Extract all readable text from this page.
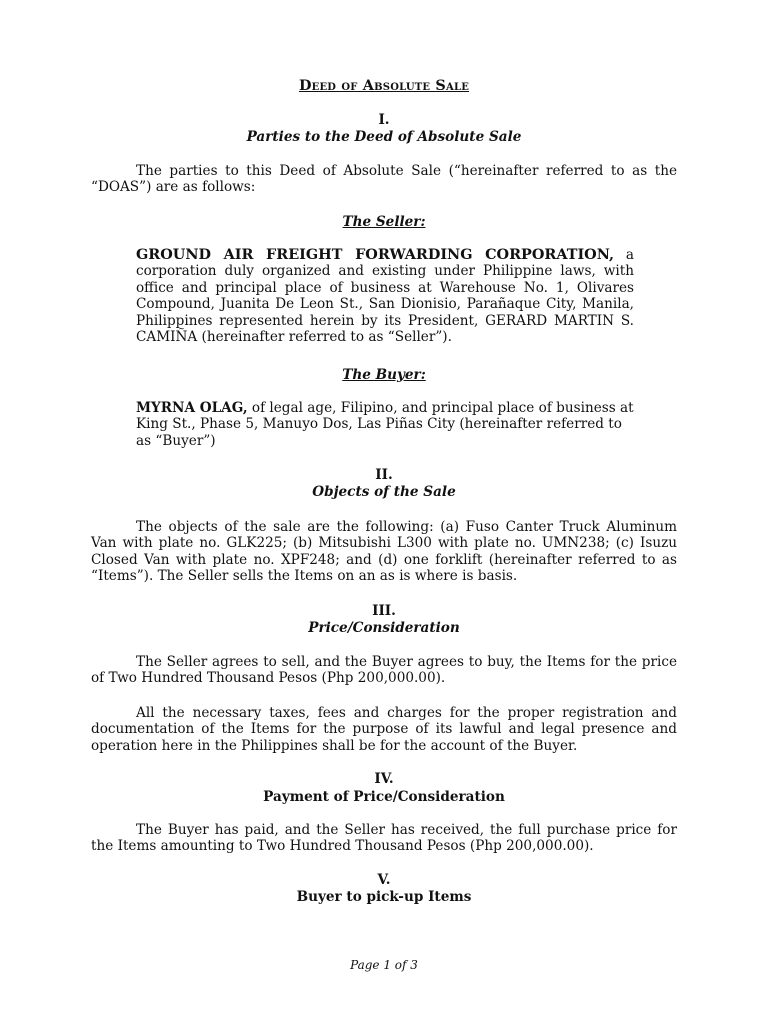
Deed of Absolute Sale

I.

Parties to the Deed of Absolute Sale

The parties to this Deed of Absolute Sale (“hereinafter referred to as the “DOAS”) are as follows:

The Seller:

GROUND AIR FREIGHT FORWARDING CORPORATION, a corporation duly organized and existing under Philippine laws, with office and principal place of business at Warehouse No. 1, Olivares Compound, Juanita De Leon St., San Dionisio, Parañaque City, Manila, Philippines represented herein by its President, GERARD MARTIN S. CAMIÑA (hereinafter referred to as “Seller”).

The Buyer:

MYRNA OLAG, of legal age, Filipino, and principal place of business at King St., Phase 5, Manuyo Dos, Las Piñas City (hereinafter referred to as “Buyer”)

II.

Objects of the Sale

The objects of the sale are the following: (a) Fuso Canter Truck Aluminum Van with plate no. GLK225; (b) Mitsubishi L300 with plate no. UMN238; (c) Isuzu Closed Van with plate no. XPF248; and (d) one forklift (hereinafter referred to as “Items”). The Seller sells the Items on an as is where is basis.

III.

Price/Consideration

The Seller agrees to sell, and the Buyer agrees to buy, the Items for the price of Two Hundred Thousand Pesos (Php 200,000.00).

All the necessary taxes, fees and charges for the proper registration and documentation of the Items for the purpose of its lawful and legal presence and operation here in the Philippines shall be for the account of the Buyer.

IV.

Payment of Price/Consideration

The Buyer has paid, and the Seller has received, the full purchase price for the Items amounting to Two Hundred Thousand Pesos (Php 200,000.00).

V.

Buyer to pick-up Items

Page 1 of 3
